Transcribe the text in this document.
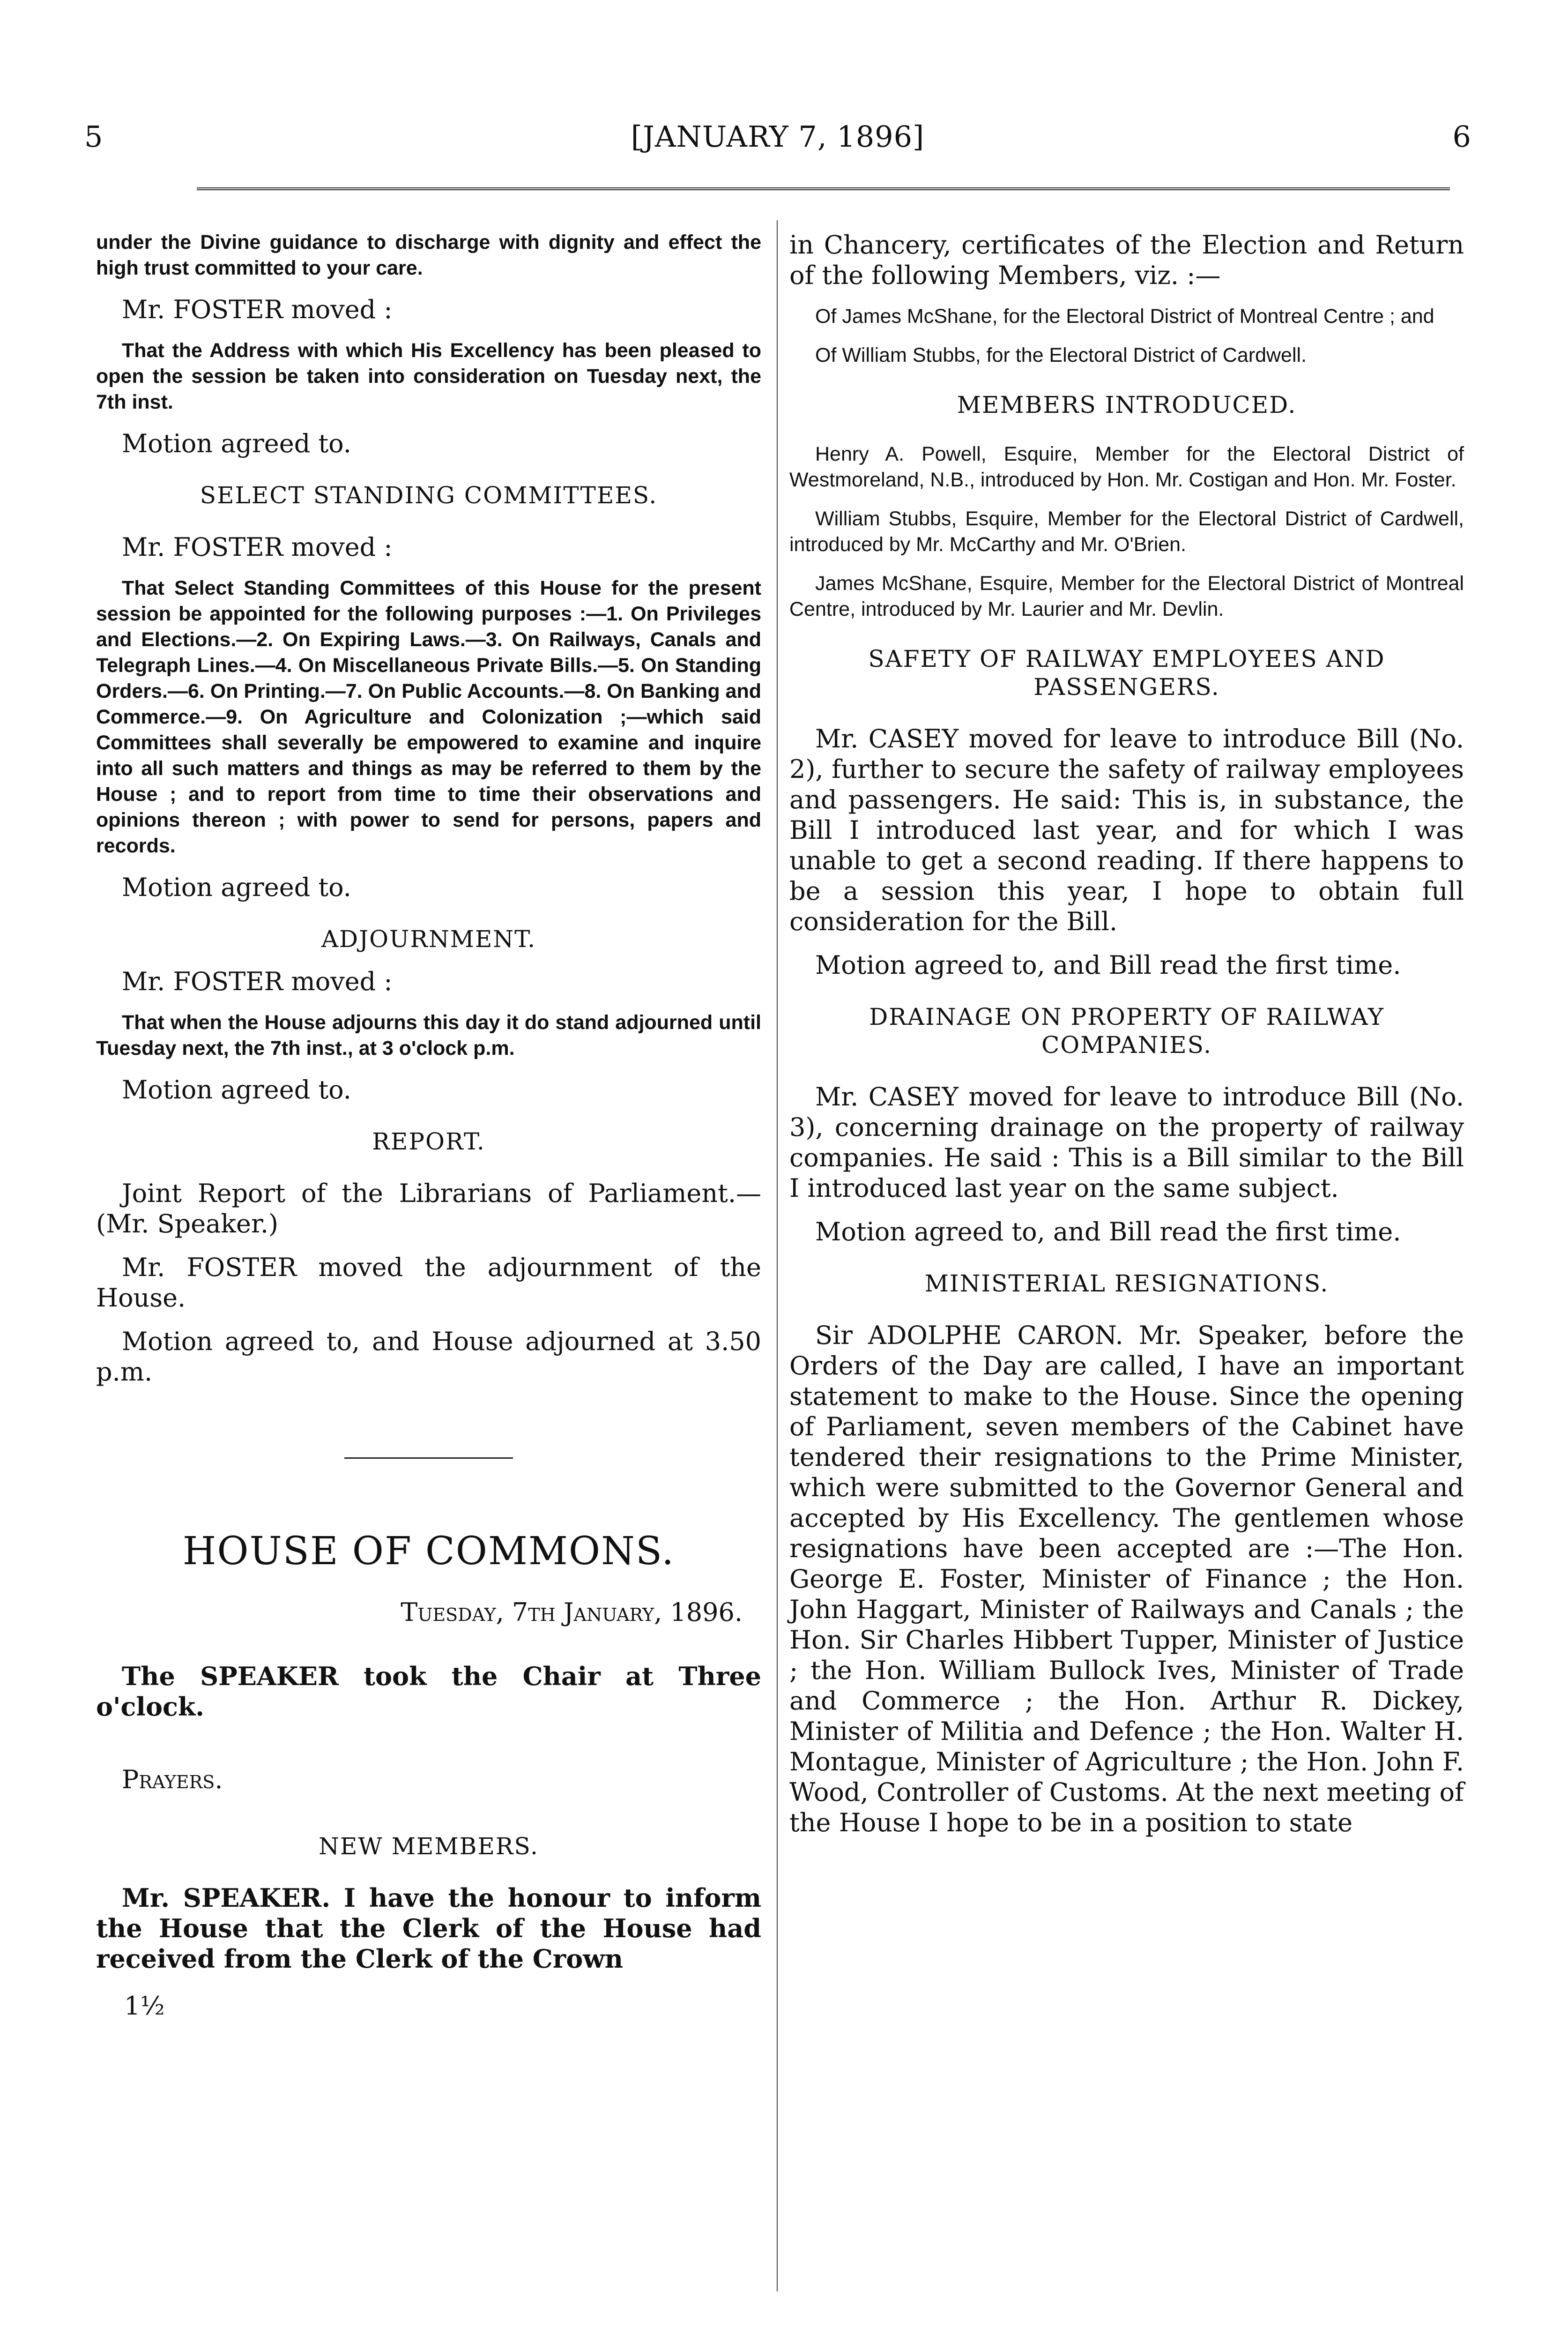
5	[JANUARY 7, 1896]	6

under the Divine guidance to discharge with dignity and effect the high trust committed to your care.

Mr. FOSTER moved :

That the Address with which His Excellency has been pleased to open the session be taken into consideration on Tuesday next, the 7th inst.

Motion agreed to.

SELECT STANDING COMMITTEES.

Mr. FOSTER moved :

That Select Standing Committees of this House for the present session be appointed for the following purposes :—1. On Privileges and Elections.—2. On Expiring Laws.—3. On Railways, Canals and Telegraph Lines.—4. On Miscellaneous Private Bills.—5. On Standing Orders.—6. On Printing.—7. On Public Accounts.—8. On Banking and Commerce.—9. On Agriculture and Colonization ;—which said Committees shall severally be empowered to examine and inquire into all such matters and things as may be referred to them by the House ; and to report from time to time their observations and opinions thereon ; with power to send for persons, papers and records.

Motion agreed to.

ADJOURNMENT.

Mr. FOSTER moved :

That when the House adjourns this day it do stand adjourned until Tuesday next, the 7th inst., at 3 o'clock p.m.

Motion agreed to.

REPORT.

Joint Report of the Librarians of Parliament.—(Mr. Speaker.)

Mr. FOSTER moved the adjournment of the House.

Motion agreed to, and House adjourned at 3.50 p.m.

HOUSE OF COMMONS.

Tuesday, 7th January, 1896.

The SPEAKER took the Chair at Three o'clock.

Prayers.

NEW MEMBERS.

Mr. SPEAKER. I have the honour to inform the House that the Clerk of the House had received from the Clerk of the Crown

1½

in Chancery, certificates of the Election and Return of the following Members, viz. :—

Of James McShane, for the Electoral District of Montreal Centre ; and

Of William Stubbs, for the Electoral District of Cardwell.

MEMBERS INTRODUCED.

Henry A. Powell, Esquire, Member for the Electoral District of Westmoreland, N.B., introduced by Hon. Mr. Costigan and Hon. Mr. Foster.

William Stubbs, Esquire, Member for the Electoral District of Cardwell, introduced by Mr. McCarthy and Mr. O'Brien.

James McShane, Esquire, Member for the Electoral District of Montreal Centre, introduced by Mr. Laurier and Mr. Devlin.

SAFETY OF RAILWAY EMPLOYEES AND PASSENGERS.

Mr. CASEY moved for leave to introduce Bill (No. 2), further to secure the safety of railway employees and passengers. He said: This is, in substance, the Bill I introduced last year, and for which I was unable to get a second reading. If there happens to be a session this year, I hope to obtain full consideration for the Bill.

Motion agreed to, and Bill read the first time.

DRAINAGE ON PROPERTY OF RAILWAY COMPANIES.

Mr. CASEY moved for leave to introduce Bill (No. 3), concerning drainage on the property of railway companies. He said : This is a Bill similar to the Bill I introduced last year on the same subject.

Motion agreed to, and Bill read the first time.

MINISTERIAL RESIGNATIONS.

Sir ADOLPHE CARON. Mr. Speaker, before the Orders of the Day are called, I have an important statement to make to the House. Since the opening of Parliament, seven members of the Cabinet have tendered their resignations to the Prime Minister, which were submitted to the Governor General and accepted by His Excellency. The gentlemen whose resignations have been accepted are :—The Hon. George E. Foster, Minister of Finance ; the Hon. John Haggart, Minister of Railways and Canals ; the Hon. Sir Charles Hibbert Tupper, Minister of Justice ; the Hon. William Bullock Ives, Minister of Trade and Commerce ; the Hon. Arthur R. Dickey, Minister of Militia and Defence ; the Hon. Walter H. Montague, Minister of Agriculture ; the Hon. John F. Wood, Controller of Customs. At the next meeting of the House I hope to be in a position to state
